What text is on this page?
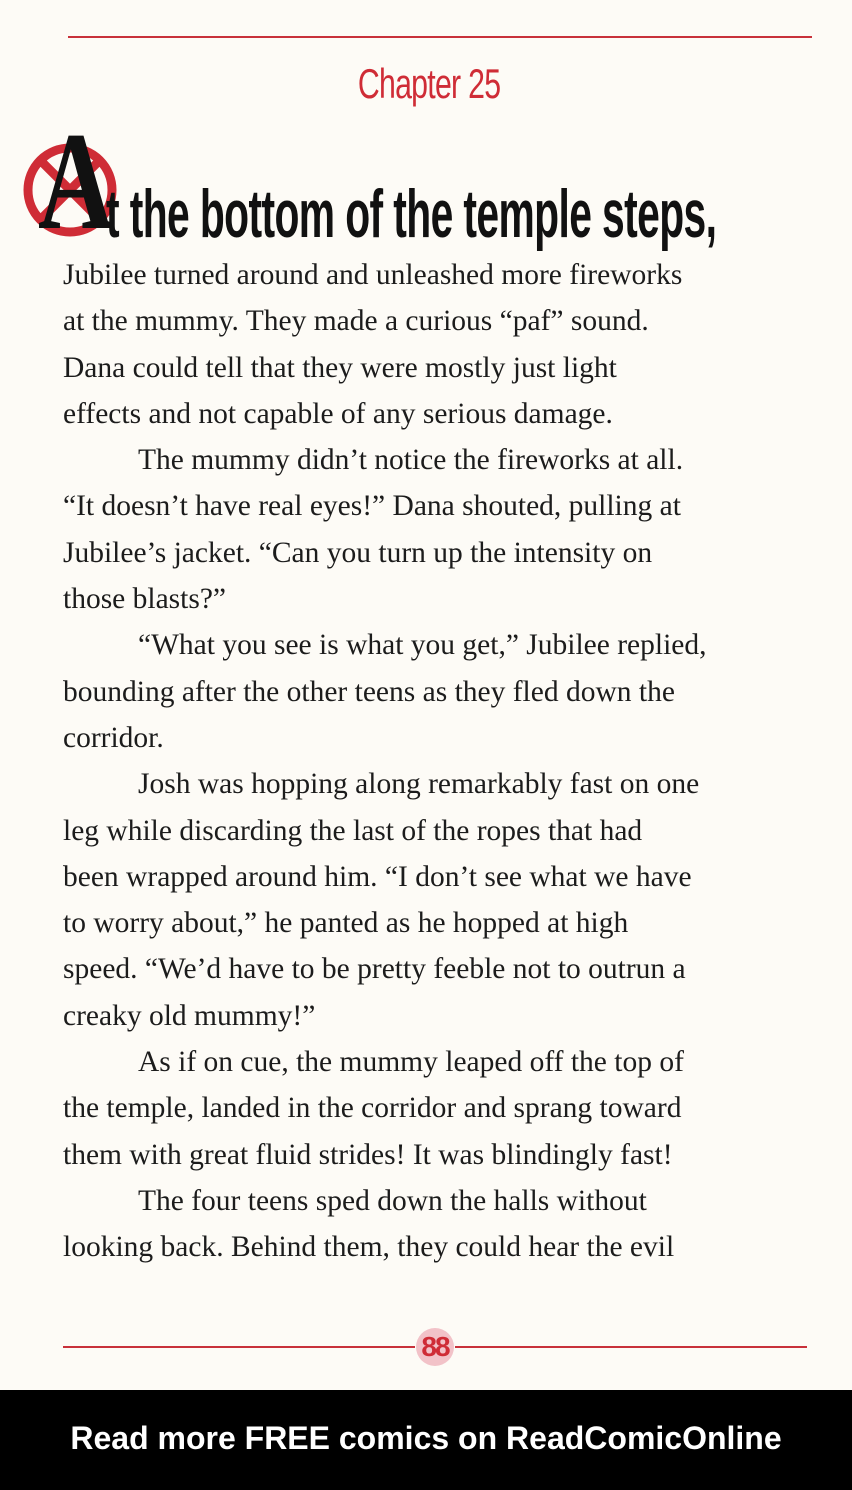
Chapter 25
A
t the bottom of the temple steps,

Jubilee turned around and unleashed more fireworks

at the mummy. They made a curious “paf” sound.

Dana could tell that they were mostly just light

effects and not capable of any serious damage.

The mummy didn’t notice the fireworks at all.

“It doesn’t have real eyes!” Dana shouted, pulling at

Jubilee’s jacket. “Can you turn up the intensity on

those blasts?”

“What you see is what you get,” Jubilee replied,

bounding after the other teens as they fled down the

corridor.

Josh was hopping along remarkably fast on one

leg while discarding the last of the ropes that had

been wrapped around him. “I don’t see what we have

to worry about,” he panted as he hopped at high

speed. “We’d have to be pretty feeble not to outrun a

creaky old mummy!”

As if on cue, the mummy leaped off the top of

the temple, landed in the corridor and sprang toward

them with great fluid strides! It was blindingly fast!

The four teens sped down the halls without

looking back. Behind them, they could hear the evil

88
Read more FREE comics on ReadComicOnline
